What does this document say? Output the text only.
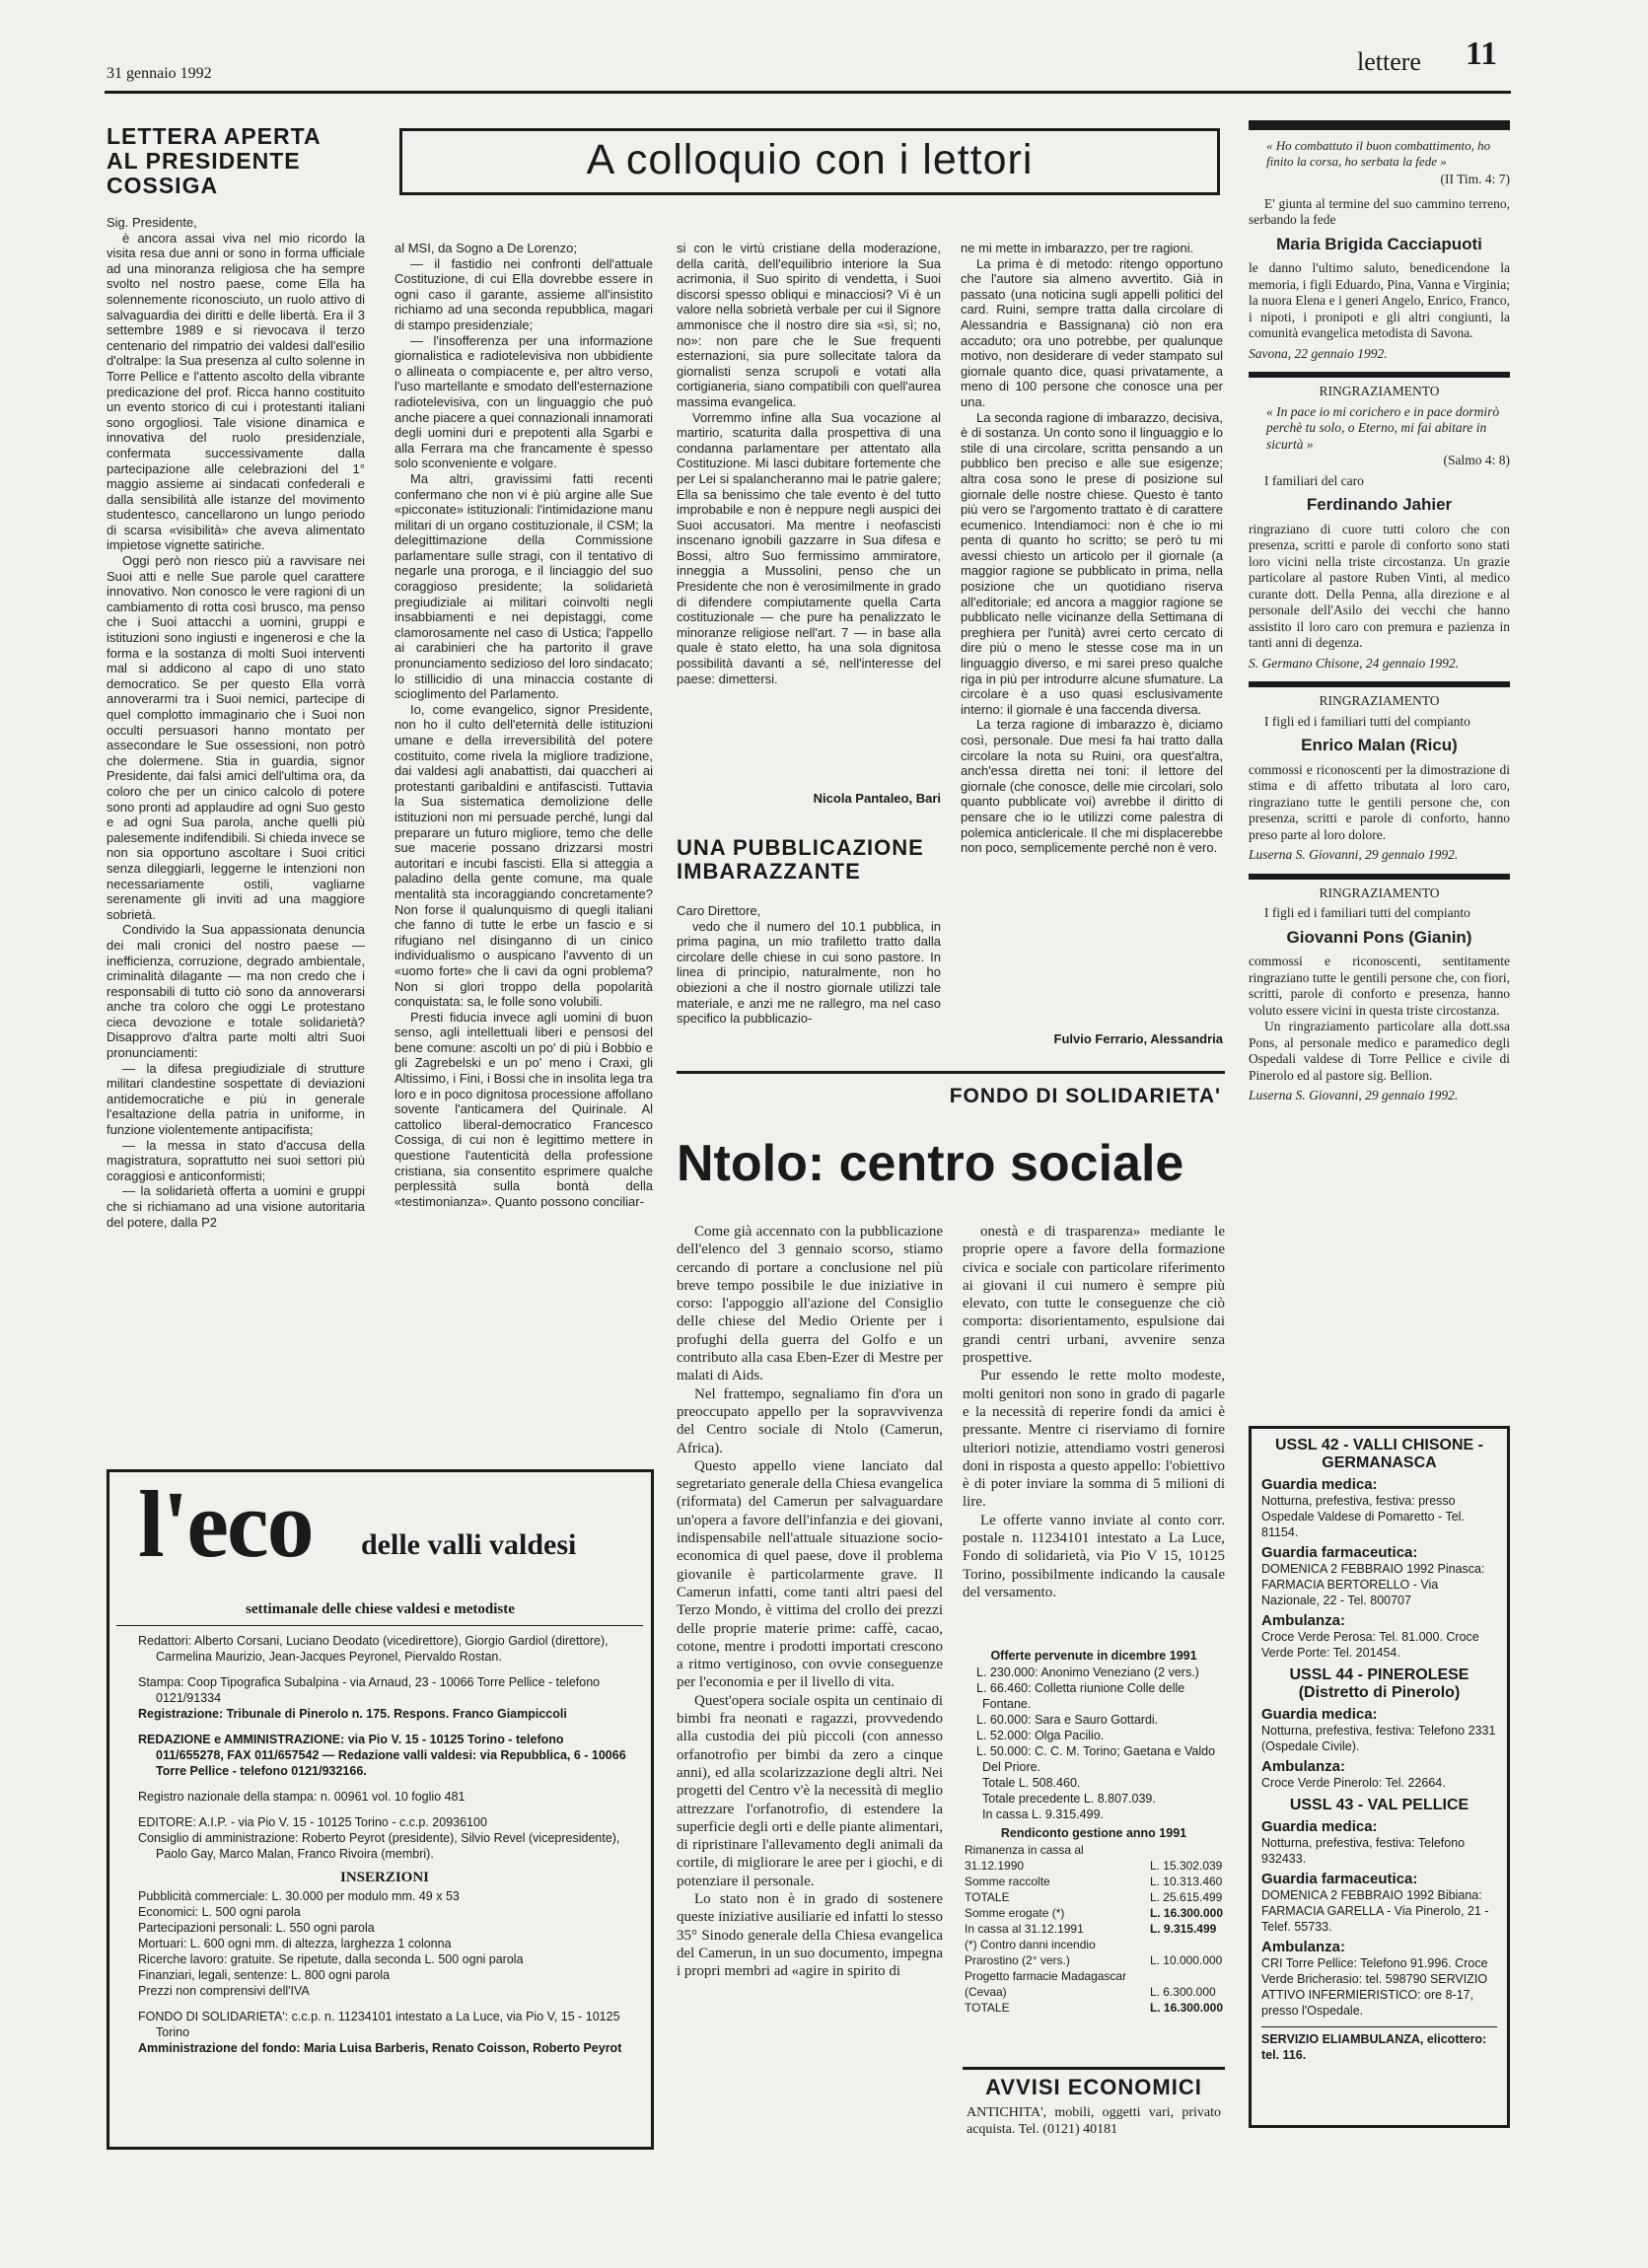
31 gennaio 1992	lettere 11
LETTERA APERTA AL PRESIDENTE COSSIGA

Sig. Presidente,

è ancora assai viva nel mio ricordo la visita resa due anni or sono in forma ufficiale ad una minoranza religiosa che ha sempre svolto nel nostro paese, come Ella ha solennemente riconosciuto, un ruolo attivo di salvaguardia dei diritti e delle libertà. Era il 3 settembre 1989 e si rievocava il terzo centenario del rimpatrio dei valdesi dall'esilio d'oltralpe: la Sua presenza al culto solenne in Torre Pellice e l'attento ascolto della vibrante predicazione del prof. Ricca hanno costituito un evento storico di cui i protestanti italiani sono orgogliosi. Tale visione dinamica e innovativa del ruolo presidenziale, confermata successivamente dalla partecipazione alle celebrazioni del 1° maggio assieme ai sindacati confederali e dalla sensibilità alle istanze del movimento studentesco, cancellarono un lungo periodo di scarsa «visibilità» che aveva alimentato impietose vignette satiriche.

Oggi però non riesco più a ravvisare nei Suoi atti e nelle Sue parole quel carattere innovativo. Non conosco le vere ragioni di un cambiamento di rotta così brusco, ma penso che i Suoi attacchi a uomini, gruppi e istituzioni sono ingiusti e ingenerosi e che la forma e la sostanza di molti Suoi interventi mal si addicono al capo di uno stato democratico. Se per questo Ella vorrà annoverarmi tra i Suoi nemici, partecipe di quel complotto immaginario che i Suoi non occulti persuasori hanno montato per assecondare le Sue ossessioni, non potrò che dolermene. Stia in guardia, signor Presidente, dai falsi amici dell'ultima ora, da coloro che per un cinico calcolo di potere sono pronti ad applaudire ad ogni Suo gesto e ad ogni Sua parola, anche quelli più palesemente indifendibili. Si chieda invece se non sia opportuno ascoltare i Suoi critici senza dileggiarli, leggerne le intenzioni non necessariamente ostili, vagliarne serenamente gli inviti ad una maggiore sobrietà.

Condivido la Sua appassionata denuncia dei mali cronici del nostro paese — inefficienza, corruzione, degrado ambientale, criminalità dilagante — ma non credo che i responsabili di tutto ciò sono da annoverarsi anche tra coloro che oggi Le protestano cieca devozione e totale solidarietà? Disapprovo d'altra parte molti altri Suoi pronunciamenti:

— la difesa pregiudiziale di strutture militari clandestine sospettate di deviazioni antidemocratiche e più in generale l'esaltazione della patria in uniforme, in funzione violentemente antipacifista;

— la messa in stato d'accusa della magistratura, soprattutto nei suoi settori più coraggiosi e anticonformisti;

— la solidarietà offerta a uomini e gruppi che si richiamano ad una visione autoritaria del potere, dalla P2

A colloquio con i lettori

al MSI, da Sogno a De Lorenzo;

— il fastidio nei confronti dell'attuale Costituzione, di cui Ella dovrebbe essere in ogni caso il garante, assieme all'insistito richiamo ad una seconda repubblica, magari di stampo presidenziale;

— l'insofferenza per una informazione giornalistica e radiotelevisiva non ubbidiente o allineata o compiacente e, per altro verso, l'uso martellante e smodato dell'esternazione radiotelevisiva, con un linguaggio che può anche piacere a quei connazionali innamorati degli uomini duri e prepotenti alla Sgarbi e alla Ferrara ma che francamente è spesso solo sconveniente e volgare.

Ma altri, gravissimi fatti recenti confermano che non vi è più argine alle Sue «picconate» istituzionali: l'intimidazione manu militari di un organo costituzionale, il CSM; la delegittimazione della Commissione parlamentare sulle stragi, con il tentativo di negarle una proroga, e il linciaggio del suo coraggioso presidente; la solidarietà pregiudiziale ai militari coinvolti negli insabbiamenti e nei depistaggi, come clamorosamente nel caso di Ustica; l'appello ai carabinieri che ha partorito il grave pronunciamento sedizioso del loro sindacato; lo stillicidio di una minaccia costante di scioglimento del Parlamento.

Io, come evangelico, signor Presidente, non ho il culto dell'eternità delle istituzioni umane e della irreversibilità del potere costituito, come rivela la migliore tradizione, dai valdesi agli anabattisti, dai quaccheri ai protestanti garibaldini e antifascisti. Tuttavia la Sua sistematica demolizione delle istituzioni non mi persuade perché, lungi dal preparare un futuro migliore, temo che delle sue macerie possano drizzarsi mostri autoritari e incubi fascisti. Ella si atteggia a paladino della gente comune, ma quale mentalità sta incoraggiando concretamente? Non forse il qualunquismo di quegli italiani che fanno di tutte le erbe un fascio e si rifugiano nel disinganno di un cinico individualismo o auspicano l'avvento di un «uomo forte» che li cavi da ogni problema? Non si glori troppo della popolarità conquistata: sa, le folle sono volubili.

Presti fiducia invece agli uomini di buon senso, agli intellettuali liberi e pensosi del bene comune: ascolti un po' di più i Bobbio e gli Zagrebelski e un po' meno i Craxi, gli Altissimo, i Fini, i Bossi che in insolita lega tra loro e in poco dignitosa processione affollano sovente l'anticamera del Quirinale. Al cattolico liberal-democratico Francesco Cossiga, di cui non è legittimo mettere in questione l'autenticità della professione cristiana, sia consentito esprimere qualche perplessità sulla bontà della «testimonianza». Quanto possono conciliar-

si con le virtù cristiane della moderazione, della carità, dell'equilibrio interiore la Sua acrimonia, il Suo spirito di vendetta, i Suoi discorsi spesso obliqui e minacciosi? Vi è un valore nella sobrietà verbale per cui il Signore ammonisce che il nostro dire sia «sì, sì; no, no»: non pare che le Sue frequenti esternazioni, sia pure sollecitate talora da giornalisti senza scrupoli e votati alla cortigianeria, siano compatibili con quell'aurea massima evangelica.

Vorremmo infine alla Sua vocazione al martirio, scaturita dalla prospettiva di una condanna parlamentare per attentato alla Costituzione. Mi lasci dubitare fortemente che per Lei si spalancheranno mai le patrie galere; Ella sa benissimo che tale evento è del tutto improbabile e non è neppure negli auspici dei Suoi accusatori. Ma mentre i neofascisti inscenano ignobili gazzarre in Sua difesa e Bossi, altro Suo fermissimo ammiratore, inneggia a Mussolini, penso che un Presidente che non è verosimilmente in grado di difendere compiutamente quella Carta costituzionale — che pure ha penalizzato le minoranze religiose nell'art. 7 — in base alla quale è stato eletto, ha una sola dignitosa possibilità davanti a sé, nell'interesse del paese: dimettersi.

Nicola Pantaleo, Bari
UNA PUBBLICAZIONE IMBARAZZANTE

Caro Direttore,

vedo che il numero del 10.1 pubblica, in prima pagina, un mio trafiletto tratto dalla circolare delle chiese in cui sono pastore. In linea di principio, naturalmente, non ho obiezioni a che il nostro giornale utilizzi tale materiale, e anzi me ne rallegro, ma nel caso specifico la pubblicazio-

ne mi mette in imbarazzo, per tre ragioni.

La prima è di metodo: ritengo opportuno che l'autore sia almeno avvertito. Già in passato (una noticina sugli appelli politici del card. Ruini, sempre tratta dalla circolare di Alessandria e Bassignana) ciò non era accaduto; ora uno potrebbe, per qualunque motivo, non desiderare di veder stampato sul giornale quanto dice, quasi privatamente, a meno di 100 persone che conosce una per una.

La seconda ragione di imbarazzo, decisiva, è di sostanza. Un conto sono il linguaggio e lo stile di una circolare, scritta pensando a un pubblico ben preciso e alle sue esigenze; altra cosa sono le prese di posizione sul giornale delle nostre chiese. Questo è tanto più vero se l'argomento trattato è di carattere ecumenico. Intendiamoci: non è che io mi penta di quanto ho scritto; se però tu mi avessi chiesto un articolo per il giornale (a maggior ragione se pubblicato in prima, nella posizione che un quotidiano riserva all'editoriale; ed ancora a maggior ragione se pubblicato nelle vicinanze della Settimana di preghiera per l'unità) avrei certo cercato di dire più o meno le stesse cose ma in un linguaggio diverso, e mi sarei preso qualche riga in più per introdurre alcune sfumature. La circolare è a uso quasi esclusivamente interno: il giornale è una faccenda diversa.

La terza ragione di imbarazzo è, diciamo così, personale. Due mesi fa hai tratto dalla circolare la nota su Ruini, ora quest'altra, anch'essa diretta nei toni: il lettore del giornale (che conosce, delle mie circolari, solo quanto pubblicate voi) avrebbe il diritto di pensare che io le utilizzi come palestra di polemica anticlericale. Il che mi displacerebbe non poco, semplicemente perché non è vero.

Fulvio Ferrario, Alessandria
FONDO DI SOLIDARIETA'
Ntolo: centro sociale

Come già accennato con la pubblicazione dell'elenco del 3 gennaio scorso, stiamo cercando di portare a conclusione nel più breve tempo possibile le due iniziative in corso: l'appoggio all'azione del Consiglio delle chiese del Medio Oriente per i profughi della guerra del Golfo e un contributo alla casa Eben-Ezer di Mestre per malati di Aids.

Nel frattempo, segnaliamo fin d'ora un preoccupato appello per la sopravvivenza del Centro sociale di Ntolo (Camerun, Africa).

Questo appello viene lanciato dal segretariato generale della Chiesa evangelica (riformata) del Camerun per salvaguardare un'opera a favore dell'infanzia e dei giovani, indispensabile nell'attuale situazione socio-economica di quel paese, dove il problema giovanile è particolarmente grave. Il Camerun infatti, come tanti altri paesi del Terzo Mondo, è vittima del crollo dei prezzi delle proprie materie prime: caffè, cacao, cotone, mentre i prodotti importati crescono a ritmo vertiginoso, con ovvie conseguenze per l'economia e per il livello di vita.

Quest'opera sociale ospita un centinaio di bimbi fra neonati e ragazzi, provvedendo alla custodia dei più piccoli (con annesso orfanotrofio per bimbi da zero a cinque anni), ed alla scolarizzazione degli altri. Nei progetti del Centro v'è la necessità di meglio attrezzare l'orfanotrofio, di estendere la superficie degli orti e delle piante alimentari, di ripristinare l'allevamento degli animali da cortile, di migliorare le aree per i giochi, e di potenziare il personale.

Lo stato non è in grado di sostenere queste iniziative ausiliarie ed infatti lo stesso 35° Sinodo generale della Chiesa evangelica del Camerun, in un suo documento, impegna i propri membri ad «agire in spirito di

onestà e di trasparenza» mediante le proprie opere a favore della formazione civica e sociale con particolare riferimento ai giovani il cui numero è sempre più elevato, con tutte le conseguenze che ciò comporta: disorientamento, espulsione dai grandi centri urbani, avvenire senza prospettive.

Pur essendo le rette molto modeste, molti genitori non sono in grado di pagarle e la necessità di reperire fondi da amici è pressante. Mentre ci riserviamo di fornire ulteriori notizie, attendiamo vostri generosi doni in risposta a questo appello: l'obiettivo è di poter inviare la somma di 5 milioni di lire.

Le offerte vanno inviate al conto corr. postale n. 11234101 intestato a La Luce, Fondo di solidarietà, via Pio V 15, 10125 Torino, possibilmente indicando la causale del versamento.

Offerte pervenute in dicembre 1991
L. 230.000: Anonimo Veneziano (2 vers.)
L. 66.460: Colletta riunione Colle delle Fontane.
L. 60.000: Sara e Sauro Gottardi.
L. 52.000: Olga Pacilio.
L. 50.000: C. C. M. Torino; Gaetana e Valdo Del Priore.
Totale L. 508.460.
Totale precedente L. 8.807.039.
In cassa L. 9.315.499.
Rendiconto gestione anno 1991
Rimanenza in cassa al 31.12.1990	L. 15.302.039
Somme raccolte	L. 10.313.460
TOTALE	L. 25.615.499
Somme erogate (*)	L. 16.300.000
In cassa al 31.12.1991	L. 9.315.499
(*) Contro danni incendio Prarostino (2° vers.)	L. 10.000.000
Progetto farmacie Madagascar (Cevaa)	L. 6.300.000
TOTALE	L. 16.300.000
AVVISI ECONOMICI
ANTICHITA', mobili, oggetti vari, privato acquista. Tel. (0121) 40181
l'eco delle valli valdesi
settimanale delle chiese valdesi e metodiste
Redattori: Alberto Corsani, Luciano Deodato (vicedirettore), Giorgio Gardiol (direttore), Carmelina Maurizio, Jean-Jacques Peyronel, Piervaldo Rostan.
Stampa: Coop Tipografica Subalpina - via Arnaud, 23 - 10066 Torre Pellice - telefono 0121/91334
Registrazione: Tribunale di Pinerolo n. 175. Respons. Franco Giampiccoli
REDAZIONE e AMMINISTRAZIONE: via Pio V. 15 - 10125 Torino - telefono 011/655278, FAX 011/657542 — Redazione valli valdesi: via Repubblica, 6 - 10066 Torre Pellice - telefono 0121/932166.
Registro nazionale della stampa: n. 00961 vol. 10 foglio 481
EDITORE: A.I.P. - via Pio V. 15 - 10125 Torino - c.c.p. 20936100
Consiglio di amministrazione: Roberto Peyrot (presidente), Silvio Revel (vicepresidente), Paolo Gay, Marco Malan, Franco Rivoira (membri).
INSERZIONI
Pubblicità commerciale: L. 30.000 per modulo mm. 49 x 53
Economici: L. 500 ogni parola
Partecipazioni personali: L. 550 ogni parola
Mortuari: L. 600 ogni mm. di altezza, larghezza 1 colonna
Ricerche lavoro: gratuite. Se ripetute, dalla seconda L. 500 ogni parola
Finanziari, legali, sentenze: L. 800 ogni parola
Prezzi non comprensivi dell'IVA
FONDO DI SOLIDARIETA': c.c.p. n. 11234101 intestato a La Luce, via Pio V, 15 - 10125 Torino
Amministrazione del fondo: Maria Luisa Barberis, Renato Coisson, Roberto Peyrot
« Ho combattuto il buon combattimento, ho finito la corsa, ho serbata la fede »
(II Tim. 4: 7)
E' giunta al termine del suo cammino terreno, serbando la fede
Maria Brigida Cacciapuoti
le danno l'ultimo saluto, benedicendone la memoria, i figli Eduardo, Pina, Vanna e Virginia; la nuora Elena e i generi Angelo, Enrico, Franco, i nipoti, i pronipoti e gli altri congiunti, la comunità evangelica metodista di Savona.
Savona, 22 gennaio 1992.
RINGRAZIAMENTO
« In pace io mi corichero e in pace dormirò perchè tu solo, o Eterno, mi fai abitare in sicurtà »
(Salmo 4: 8)
I familiari del caro
Ferdinando Jahier
ringraziano di cuore tutti coloro che con presenza, scritti e parole di conforto sono stati loro vicini nella triste circostanza. Un grazie particolare al pastore Ruben Vinti, al medico curante dott. Della Penna, alla direzione e al personale dell'Asilo dei vecchi che hanno assistito il loro caro con premura e pazienza in tanti anni di degenza.
S. Germano Chisone, 24 gennaio 1992.
RINGRAZIAMENTO
I figli ed i familiari tutti del compianto
Enrico Malan (Ricu)
commossi e riconoscenti per la dimostrazione di stima e di affetto tributata al loro caro, ringraziano tutte le gentili persone che, con presenza, scritti e parole di conforto, hanno preso parte al loro dolore.
Luserna S. Giovanni, 29 gennaio 1992.
RINGRAZIAMENTO
I figli ed i familiari tutti del compianto
Giovanni Pons (Gianin)
commossi e riconoscenti, sentitamente ringraziano tutte le gentili persone che, con fiori, scritti, parole di conforto e presenza, hanno voluto essere vicini in questa triste circostanza.
Un ringraziamento particolare alla dott.ssa Pons, al personale medico e paramedico degli Ospedali valdese di Torre Pellice e civile di Pinerolo ed al pastore sig. Bellion.
Luserna S. Giovanni, 29 gennaio 1992.
USSL 42 - VALLI CHISONE - GERMANASCA
Guardia medica:
Notturna, prefestiva, festiva: presso Ospedale Valdese di Pomaretto - Tel. 81154.
Guardia farmaceutica:
DOMENICA 2 FEBBRAIO 1992 Pinasca: FARMACIA BERTORELLO - Via Nazionale, 22 - Tel. 800707
Ambulanza:
Croce Verde Perosa: Tel. 81.000. Croce Verde Porte: Tel. 201454.
USSL 44 - PINEROLESE (Distretto di Pinerolo)
Guardia medica:
Notturna, prefestiva, festiva: Telefono 2331 (Ospedale Civile).
Ambulanza:
Croce Verde Pinerolo: Tel. 22664.
USSL 43 - VAL PELLICE
Guardia medica:
Notturna, prefestiva, festiva: Telefono 932433.
Guardia farmaceutica:
DOMENICA 2 FEBBRAIO 1992 Bibiana: FARMACIA GARELLA - Via Pinerolo, 21 - Telef. 55733.
Ambulanza:
CRI Torre Pellice: Telefono 91.996. Croce Verde Bricherasio: tel. 598790 SERVIZIO ATTIVO INFERMIERISTICO: ore 8-17, presso l'Ospedale.
SERVIZIO ELIAMBULANZA, elicottero: tel. 116.
